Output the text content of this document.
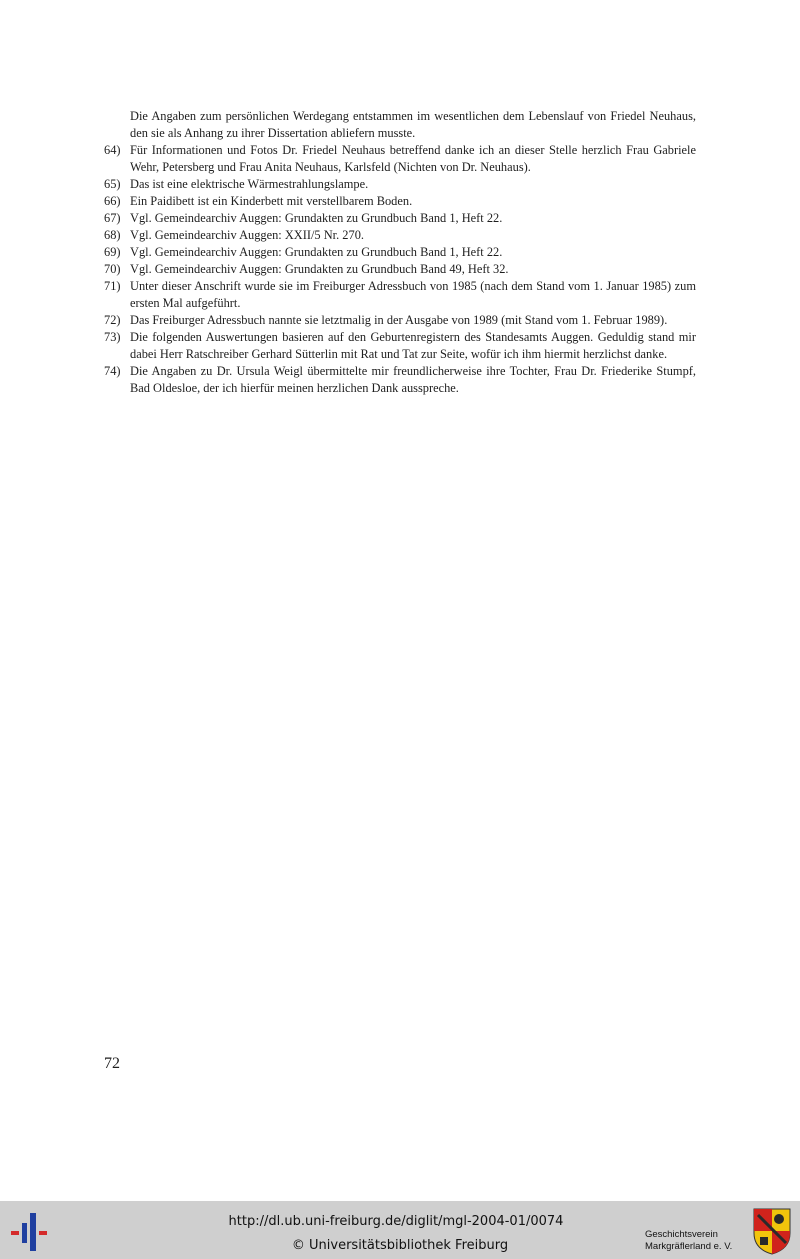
Die Angaben zum persönlichen Werdegang entstammen im wesentlichen dem Lebenslauf von Friedel Neuhaus, den sie als Anhang zu ihrer Dissertation abliefern musste.
64) Für Informationen und Fotos Dr. Friedel Neuhaus betreffend danke ich an dieser Stelle herzlich Frau Gabriele Wehr, Petersberg und Frau Anita Neuhaus, Karlsfeld (Nichten von Dr. Neuhaus).
65) Das ist eine elektrische Wärmestrahlungslampe.
66) Ein Paidibett ist ein Kinderbett mit verstellbarem Boden.
67) Vgl. Gemeindearchiv Auggen: Grundakten zu Grundbuch Band 1, Heft 22.
68) Vgl. Gemeindearchiv Auggen: XXII/5 Nr. 270.
69) Vgl. Gemeindearchiv Auggen: Grundakten zu Grundbuch Band 1, Heft 22.
70) Vgl. Gemeindearchiv Auggen: Grundakten zu Grundbuch Band 49, Heft 32.
71) Unter dieser Anschrift wurde sie im Freiburger Adressbuch von 1985 (nach dem Stand vom 1. Januar 1985) zum ersten Mal aufgeführt.
72) Das Freiburger Adressbuch nannte sie letztmalig in der Ausgabe von 1989 (mit Stand vom 1. Februar 1989).
73) Die folgenden Auswertungen basieren auf den Geburtenregistern des Standesamts Auggen. Geduldig stand mir dabei Herr Ratschreiber Gerhard Sütterlin mit Rat und Tat zur Seite, wofür ich ihm hiermit herzlichst danke.
74) Die Angaben zu Dr. Ursula Weigl übermittelte mir freundlicherweise ihre Tochter, Frau Dr. Friederike Stumpf, Bad Oldesloe, der ich hierfür meinen herzlichen Dank ausspreche.
72
http://dl.ub.uni-freiburg.de/diglit/mgl-2004-01/0074
© Universitätsbibliothek Freiburg
Geschichtsverein
Markgräflerland e. V.
